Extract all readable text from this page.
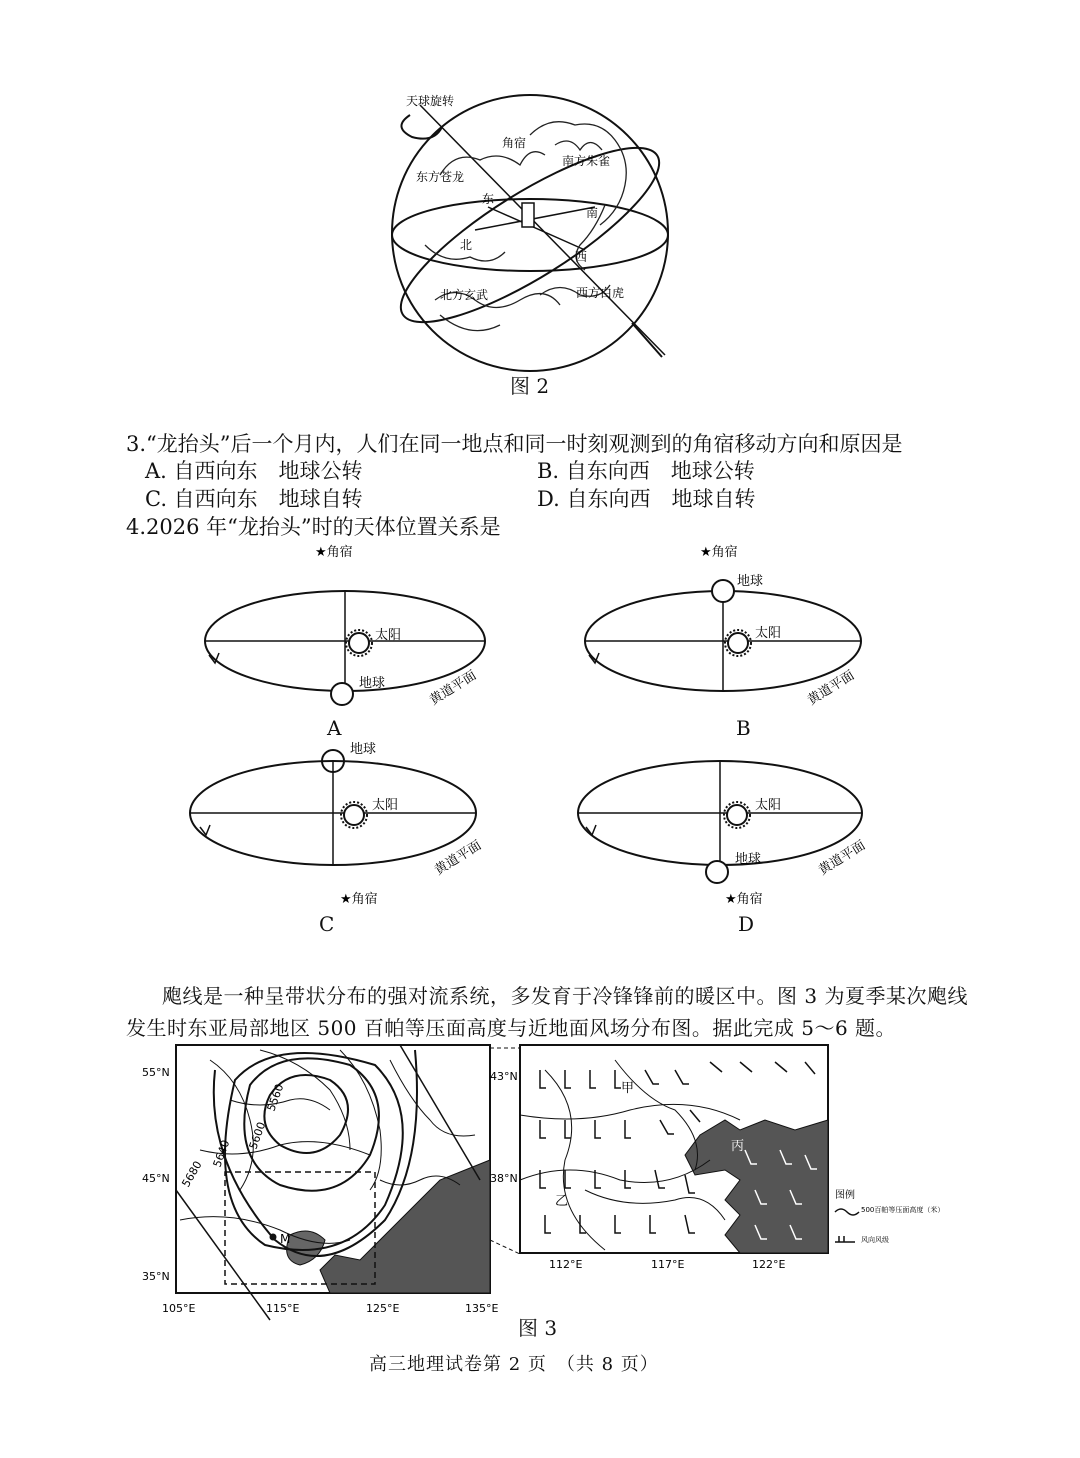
天球旋转
角宿
南方朱雀
东方苍龙
东
南
北
西
北方玄武	西方白虎
图 2
3.“龙抬头”后一个月内，人们在同一地点和同一时刻观测到的角宿移动方向和原因是
A. 自西向东　地球公转	B. 自东向西　地球公转
C. 自西向东　地球自转	D. 自东向西　地球自转
4.2026 年“龙抬头”时的天体位置关系是
★角宿
太阳
地球	黄道平面
A
★角宿
地球
太阳
黄道平面
B
地球
太阳
黄道平面
★角宿
C
太阳
地球	黄道平面
★角宿
D
飑线是一种呈带状分布的强对流系统，多发育于冷锋锋前的暖区中。图 3 为夏季某次飑线
发生时东亚局部地区 500 百帕等压面高度与近地面风场分布图。据此完成 5～6 题。
M
5560
5600
5640
5680
55°N
45°N
35°N
105°E	115°E	125°E	135°E
甲
乙
丙
43°N
38°N
112°E	117°E	122°E
图例
500百帕等压面高度（米）
风向风级
图 3
高三地理试卷第 2 页　（共 8 页）
